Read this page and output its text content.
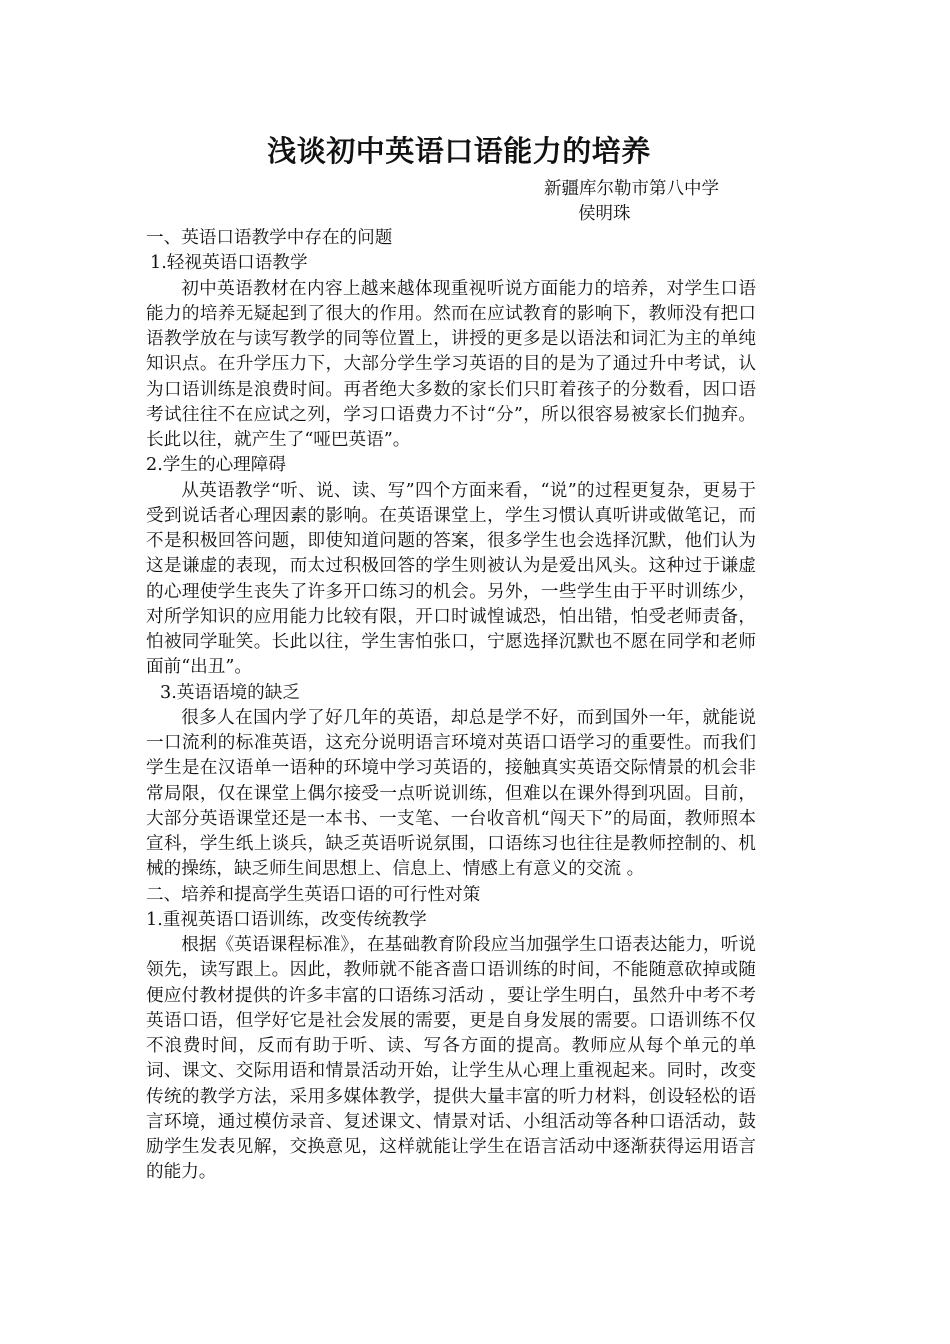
浅谈初中英语口语能力的培养
新疆库尔勒市第八中学
侯明珠

一、英语口语教学中存在的问题

1.轻视英语口语教学

初中英语教材在内容上越来越体现重视听说方面能力的培养，对学生口语能力的培养无疑起到了很大的作用。然而在应试教育的影响下，教师没有把口语教学放在与读写教学的同等位置上，讲授的更多是以语法和词汇为主的单纯知识点。在升学压力下，大部分学生学习英语的目的是为了通过升中考试，认为口语训练是浪费时间。再者绝大多数的家长们只盯着孩子的分数看，因口语考试往往不在应试之列，学习口语费力不讨“分”，所以很容易被家长们抛弃。长此以往，就产生了“哑巴英语”。

2.学生的心理障碍

从英语教学“听、说、读、写”四个方面来看，“说”的过程更复杂，更易于受到说话者心理因素的影响。在英语课堂上，学生习惯认真听讲或做笔记，而不是积极回答问题，即使知道问题的答案，很多学生也会选择沉默，他们认为这是谦虚的表现，而太过积极回答的学生则被认为是爱出风头。这种过于谦虚的心理使学生丧失了许多开口练习的机会。另外，一些学生由于平时训练少，对所学知识的应用能力比较有限，开口时诚惶诚恐，怕出错，怕受老师责备，怕被同学耻笑。长此以往，学生害怕张口，宁愿选择沉默也不愿在同学和老师面前“出丑”。

3.英语语境的缺乏

很多人在国内学了好几年的英语，却总是学不好，而到国外一年，就能说一口流利的标准英语，这充分说明语言环境对英语口语学习的重要性。而我们学生是在汉语单一语种的环境中学习英语的，接触真实英语交际情景的机会非常局限，仅在课堂上偶尔接受一点听说训练，但难以在课外得到巩固。目前，大部分英语课堂还是一本书、一支笔、一台收音机“闯天下”的局面，教师照本宣科，学生纸上谈兵，缺乏英语听说氛围，口语练习也往往是教师控制的、机械的操练，缺乏师生间思想上、信息上、情感上有意义的交流 。

二、培养和提高学生英语口语的可行性对策

1.重视英语口语训练，改变传统教学

根据《英语课程标准》，在基础教育阶段应当加强学生口语表达能力，听说领先，读写跟上。因此，教师就不能吝啬口语训练的时间，不能随意砍掉或随便应付教材提供的许多丰富的口语练习活动 ，要让学生明白，虽然升中考不考英语口语，但学好它是社会发展的需要，更是自身发展的需要。口语训练不仅不浪费时间，反而有助于听、读、写各方面的提高。教师应从每个单元的单词、课文、交际用语和情景活动开始，让学生从心理上重视起来。同时，改变传统的教学方法，采用多媒体教学，提供大量丰富的听力材料，创设轻松的语言环境，通过模仿录音、复述课文、情景对话、小组活动等各种口语活动，鼓励学生发表见解，交换意见，这样就能让学生在语言活动中逐渐获得运用语言的能力。
